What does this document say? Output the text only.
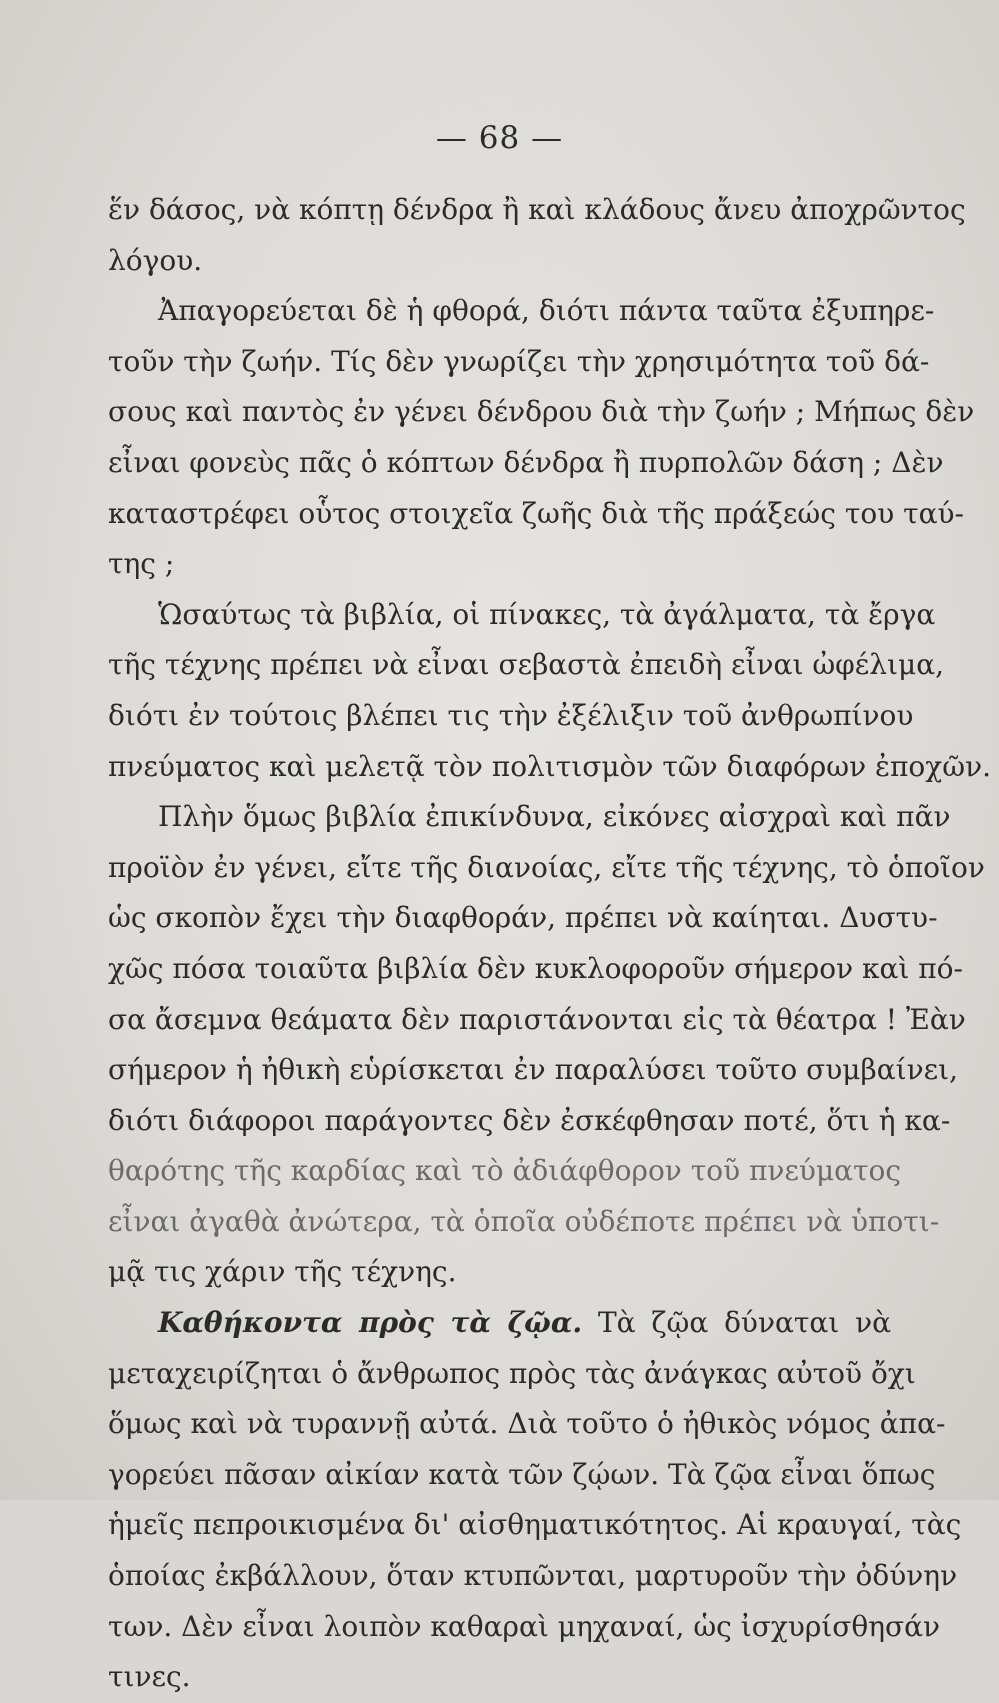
— 68 —
ἕν δάσος, νὰ κόπτῃ δένδρα ἢ καὶ κλάδους ἄνευ ἀποχρῶντος
λόγου.
Ἀπαγορεύεται δὲ ἡ φθορά, διότι πάντα ταῦτα ἐξυπηρε-
τοῦν τὴν ζωήν. Τίς δὲν γνωρίζει τὴν χρησιμότητα τοῦ δά-
σους καὶ παντὸς ἐν γένει δένδρου διὰ τὴν ζωήν ; Μήπως δὲν
εἶναι φονεὺς πᾶς ὁ κόπτων δένδρα ἢ πυρπολῶν δάση ; Δὲν
καταστρέφει οὗτος στοιχεῖα ζωῆς διὰ τῆς πράξεώς του ταύ-
της ;
Ὡσαύτως τὰ βιβλία, οἱ πίνακες, τὰ ἀγάλματα, τὰ ἔργα
τῆς τέχνης πρέπει νὰ εἶναι σεβαστὰ ἐπειδὴ εἶναι ὠφέλιμα,
διότι ἐν τούτοις βλέπει τις τὴν ἐξέλιξιν τοῦ ἀνθρωπίνου
πνεύματος καὶ μελετᾷ τὸν πολιτισμὸν τῶν διαφόρων ἐποχῶν.
Πλὴν ὅμως βιβλία ἐπικίνδυνα, εἰκόνες αἰσχραὶ καὶ πᾶν
προϊὸν ἐν γένει, εἴτε τῆς διανοίας, εἴτε τῆς τέχνης, τὸ ὁποῖον
ὡς σκοπὸν ἔχει τὴν διαφθοράν, πρέπει νὰ καίηται. Δυστυ-
χῶς πόσα τοιαῦτα βιβλία δὲν κυκλοφοροῦν σήμερον καὶ πό-
σα ἄσεμνα θεάματα δὲν παριστάνονται εἰς τὰ θέατρα ! Ἐὰν
σήμερον ἡ ἠθικὴ εὑρίσκεται ἐν παραλύσει τοῦτο συμβαίνει,
διότι διάφοροι παράγοντες δὲν ἐσκέφθησαν ποτέ, ὅτι ἡ κα-
θαρότης τῆς καρδίας καὶ τὸ ἀδιάφθορον τοῦ πνεύματος
εἶναι ἀγαθὰ ἀνώτερα, τὰ ὁποῖα οὐδέποτε πρέπει νὰ ὑποτι-
μᾷ τις χάριν τῆς τέχνης.
Καθήκοντα πρὸς τὰ ζῷα. Τὰ ζῷα δύναται νὰ
μεταχειρίζηται ὁ ἄνθρωπος πρὸς τὰς ἀνάγκας αὐτοῦ ὄχι
ὅμως καὶ νὰ τυραννῇ αὐτά. Διὰ τοῦτο ὁ ἠθικὸς νόμος ἀπα-
γορεύει πᾶσαν αἰκίαν κατὰ τῶν ζῴων. Τὰ ζῷα εἶναι ὅπως
ἡμεῖς πεπροικισμένα δι' αἰσθηματικότητος. Αἱ κραυγαί, τὰς
ὁποίας ἐκβάλλουν, ὅταν κτυπῶνται, μαρτυροῦν τὴν ὀδύνην
των. Δὲν εἶναι λοιπὸν καθαραὶ μηχαναί, ὡς ἰσχυρίσθησάν
τινες.
